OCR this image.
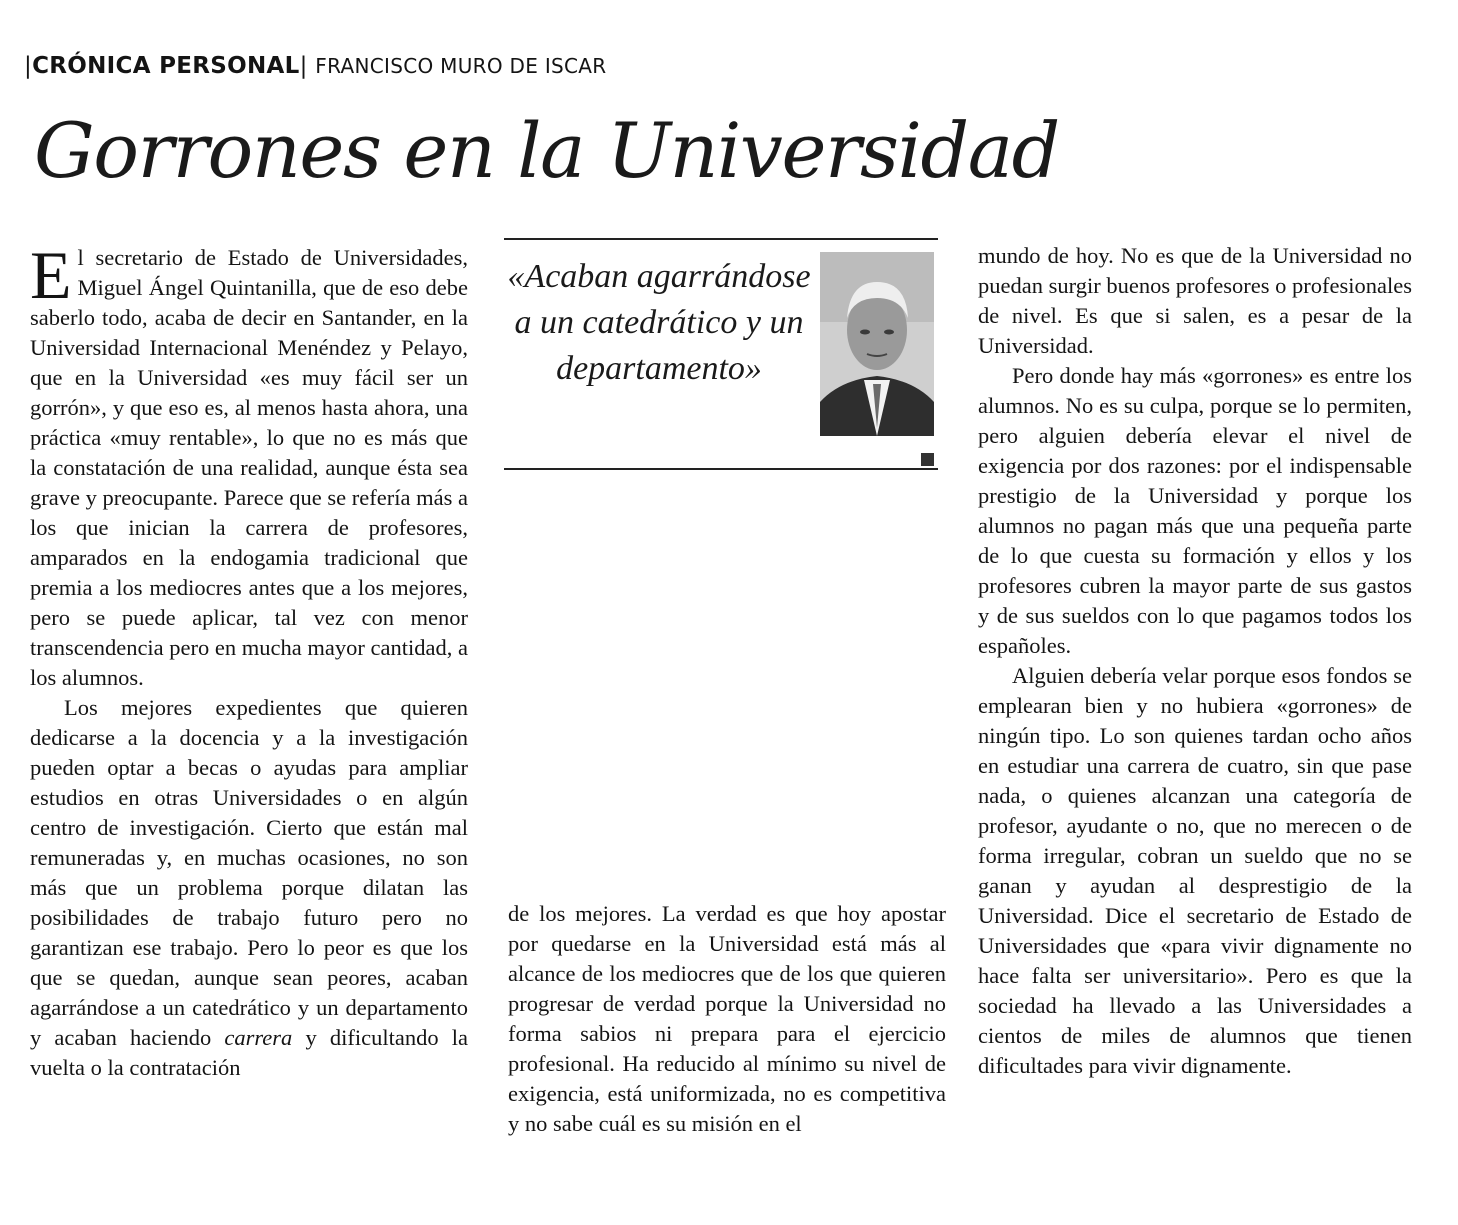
|CRÓNICA PERSONAL| FRANCISCO MURO DE ISCAR
Gorrones en la Universidad

El secretario de Estado de Universidades, Miguel Ángel Quintanilla, que de eso debe saberlo todo, acaba de decir en Santander, en la Universidad Internacional Menéndez y Pelayo, que en la Universidad «es muy fácil ser un gorrón», y que eso es, al menos hasta ahora, una práctica «muy rentable», lo que no es más que la constatación de una realidad, aunque ésta sea grave y preocupante. Parece que se refería más a los que inician la carrera de profesores, amparados en la endogamia tradicional que premia a los mediocres antes que a los mejores, pero se puede aplicar, tal vez con menor transcendencia pero en mucha mayor cantidad, a los alumnos.

Los mejores expedientes que quieren dedicarse a la docencia y a la investigación pueden optar a becas o ayudas para ampliar estudios en otras Universidades o en algún centro de investigación. Cierto que están mal remuneradas y, en muchas ocasiones, no son más que un problema porque dilatan las posibilidades de trabajo futuro pero no garantizan ese trabajo. Pero lo peor es que los que se quedan, aunque sean peores, acaban agarrándose a un catedrático y un departamento y acaban haciendo carrera y dificultando la vuelta o la contratación

«Acaban agarrándose a un catedrático y un departamento»

de los mejores. La verdad es que hoy apostar por quedarse en la Universidad está más al alcance de los mediocres que de los que quieren progresar de verdad porque la Universidad no forma sabios ni prepara para el ejercicio profesional. Ha reducido al mínimo su nivel de exigencia, está uniformizada, no es competitiva y no sabe cuál es su misión en el

mundo de hoy. No es que de la Universidad no puedan surgir buenos profesores o profesionales de nivel. Es que si salen, es a pesar de la Universidad.

Pero donde hay más «gorrones» es entre los alumnos. No es su culpa, porque se lo permiten, pero alguien debería elevar el nivel de exigencia por dos razones: por el indispensable prestigio de la Universidad y porque los alumnos no pagan más que una pequeña parte de lo que cuesta su formación y ellos y los profesores cubren la mayor parte de sus gastos y de sus sueldos con lo que pagamos todos los españoles.

Alguien debería velar porque esos fondos se emplearan bien y no hubiera «gorrones» de ningún tipo. Lo son quienes tardan ocho años en estudiar una carrera de cuatro, sin que pase nada, o quienes alcanzan una categoría de profesor, ayudante o no, que no merecen o de forma irregular, cobran un sueldo que no se ganan y ayudan al desprestigio de la Universidad. Dice el secretario de Estado de Universidades que «para vivir dignamente no hace falta ser universitario». Pero es que la sociedad ha llevado a las Universidades a cientos de miles de alumnos que tienen dificultades para vivir dignamente.
